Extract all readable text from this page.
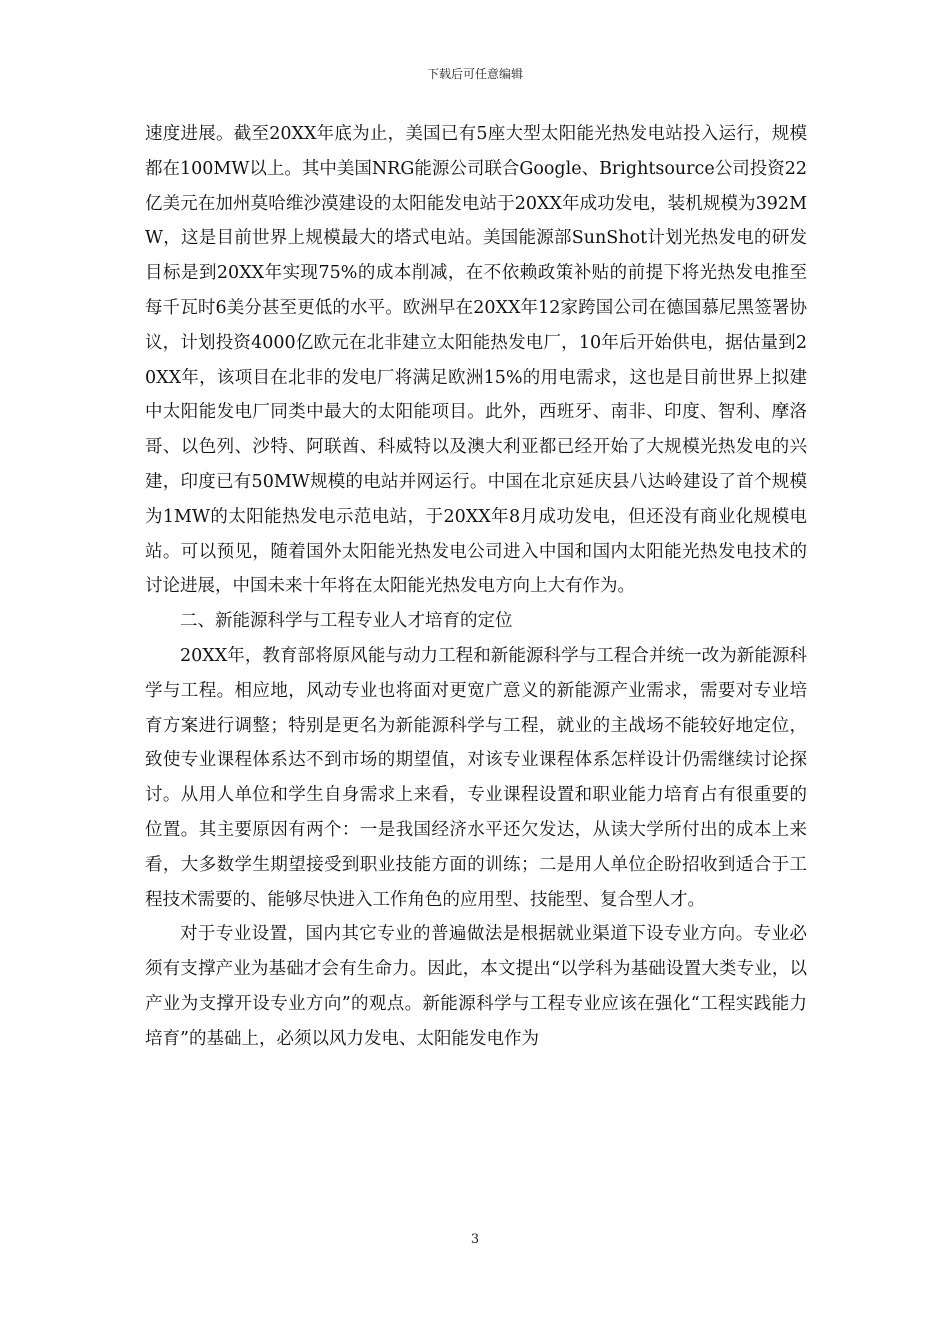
下载后可任意编辑

速度进展。截至20XX年底为止，美国已有5座大型太阳能光热发电站投入运行，规模都在100MW以上。其中美国NRG能源公司联合Google、Brightsource公司投资22亿美元在加州莫哈维沙漠建设的太阳能发电站于20XX年成功发电，装机规模为392MW，这是目前世界上规模最大的塔式电站。美国能源部SunShot计划光热发电的研发目标是到20XX年实现75%的成本削减，在不依赖政策补贴的前提下将光热发电推至每千瓦时6美分甚至更低的水平。欧洲早在20XX年12家跨国公司在德国慕尼黑签署协议，计划投资4000亿欧元在北非建立太阳能热发电厂，10年后开始供电，据估量到20XX年，该项目在北非的发电厂将满足欧洲15%的用电需求，这也是目前世界上拟建中太阳能发电厂同类中最大的太阳能项目。此外，西班牙、南非、印度、智利、摩洛哥、以色列、沙特、阿联酋、科威特以及澳大利亚都已经开始了大规模光热发电的兴建，印度已有50MW规模的电站并网运行。中国在北京延庆县八达岭建设了首个规模为1MW的太阳能热发电示范电站，于20XX年8月成功发电，但还没有商业化规模电站。可以预见，随着国外太阳能光热发电公司进入中国和国内太阳能光热发电技术的讨论进展，中国未来十年将在太阳能光热发电方向上大有作为。

二、新能源科学与工程专业人才培育的定位

20XX年，教育部将原风能与动力工程和新能源科学与工程合并统一改为新能源科学与工程。相应地，风动专业也将面对更宽广意义的新能源产业需求，需要对专业培育方案进行调整；特别是更名为新能源科学与工程，就业的主战场不能较好地定位，致使专业课程体系达不到市场的期望值，对该专业课程体系怎样设计仍需继续讨论探讨。从用人单位和学生自身需求上来看，专业课程设置和职业能力培育占有很重要的位置。其主要原因有两个：一是我国经济水平还欠发达，从读大学所付出的成本上来看，大多数学生期望接受到职业技能方面的训练；二是用人单位企盼招收到适合于工程技术需要的、能够尽快进入工作角色的应用型、技能型、复合型人才。

对于专业设置，国内其它专业的普遍做法是根据就业渠道下设专业方向。专业必须有支撑产业为基础才会有生命力。因此，本文提出“以学科为基础设置大类专业，以产业为支撑开设专业方向”的观点。新能源科学与工程专业应该在强化“工程实践能力培育”的基础上，必须以风力发电、太阳能发电作为

3
